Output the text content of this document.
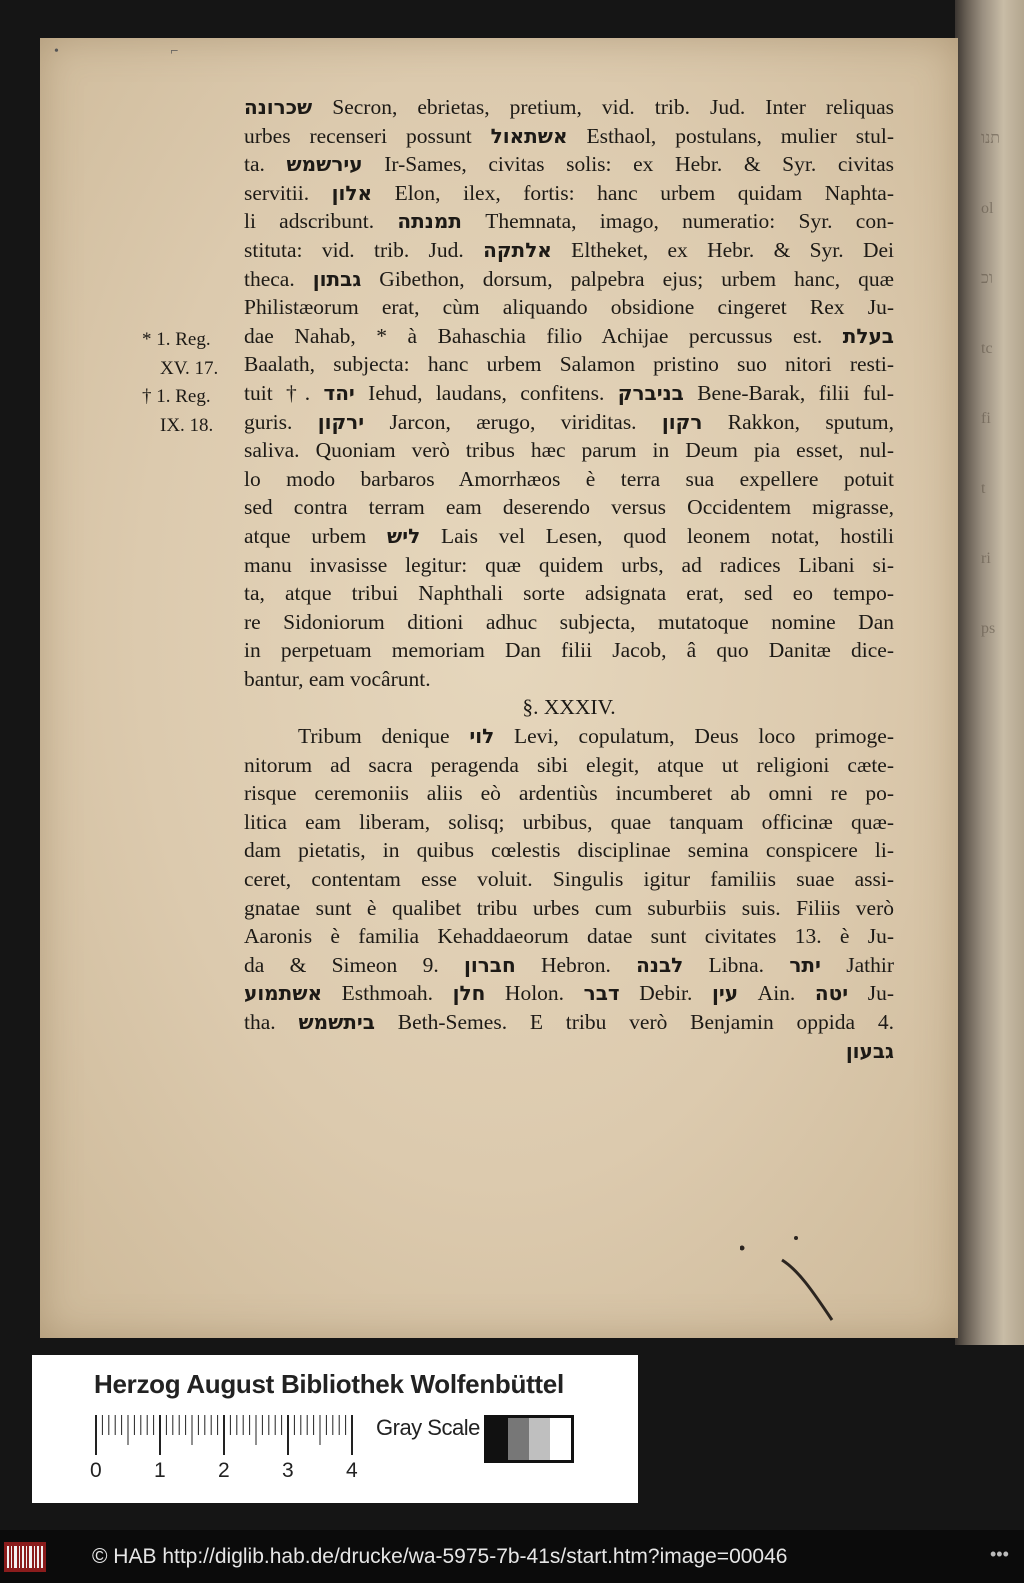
תנו
ol
וכ
tc
fi
t
ri
ps
• ⌐
שכרונה Secron, ebrietas, pretium, vid. trib. Jud. Inter reliquas
urbes recenseri possunt אשתאול Esthaol, postulans, mulier stul-
ta. עירשמש Ir-Sames, civitas solis: ex Hebr. & Syr. civitas
servitii. אלון Elon, ilex, fortis: hanc urbem quidam Naphta-
li adscribunt. תמנתה Themnata, imago, numeratio: Syr. con-
stituta: vid. trib. Jud. אלתקה Eltheket, ex Hebr. & Syr. Dei
theca. גבתון Gibethon, dorsum, palpebra ejus; urbem hanc, quæ
Philistæorum erat, cùm aliquando obsidione cingeret Rex Ju-
dae Nahab, * à Bahaschia filio Achijae percussus est. בעלת
Baalath, subjecta: hanc urbem Salamon pristino suo nitori resti-
tuit †. יהד Iehud, laudans, confitens. בניברק Bene-Barak, filii ful-
guris. ירקון Jarcon, ærugo, viriditas. רקון Rakkon, sputum,
saliva. Quoniam verò tribus hæc parum in Deum pia esset, nul-
lo modo barbaros Amorrhæos è terra sua expellere potuit
sed contra terram eam deserendo versus Occidentem migrasse,
atque urbem ליש Lais vel Lesen, quod leonem notat, hostili
manu invasisse legitur: quæ quidem urbs, ad radices Libani si-
ta, atque tribui Naphthali sorte adsignata erat, sed eo tempo-
re Sidoniorum ditioni adhuc subjecta, mutatoque nomine Dan
in perpetuam memoriam Dan filii Jacob, â quo Danitæ dice-
bantur, eam vocârunt.
§. XXXIV.
Tribum denique לוי Levi, copulatum, Deus loco primoge-
nitorum ad sacra peragenda sibi elegit, atque ut religioni cæte-
risque ceremoniis aliis eò ardentiùs incumberet ab omni re po-
litica eam liberam, solisq; urbibus, quae tanquam officinæ quæ-
dam pietatis, in quibus cœlestis disciplinae semina conspicere li-
ceret, contentam esse voluit. Singulis igitur familiis suae assi-
gnatae sunt è qualibet tribu urbes cum suburbiis suis. Filiis verò
Aaronis è familia Kehaddaeorum datae sunt civitates 13. è Ju-
da & Simeon 9. חברון Hebron. לבנה Libna. יתר Jathir
אשתמוע Esthmoah. חלן Holon. דבר Debir. עין Ain. יטה Ju-
tha. ביתשמש Beth-Semes. E tribu verò Benjamin oppida 4.
גבעון
* 1. Reg.
XV. 17.
† 1. Reg.
IX. 18.
Herzog August Bibliothek Wolfenbüttel
0 1 2 3 4
Gray Scale
© HAB http://diglib.hab.de/drucke/wa-5975-7b-41s/start.htm?image=00046	•••
